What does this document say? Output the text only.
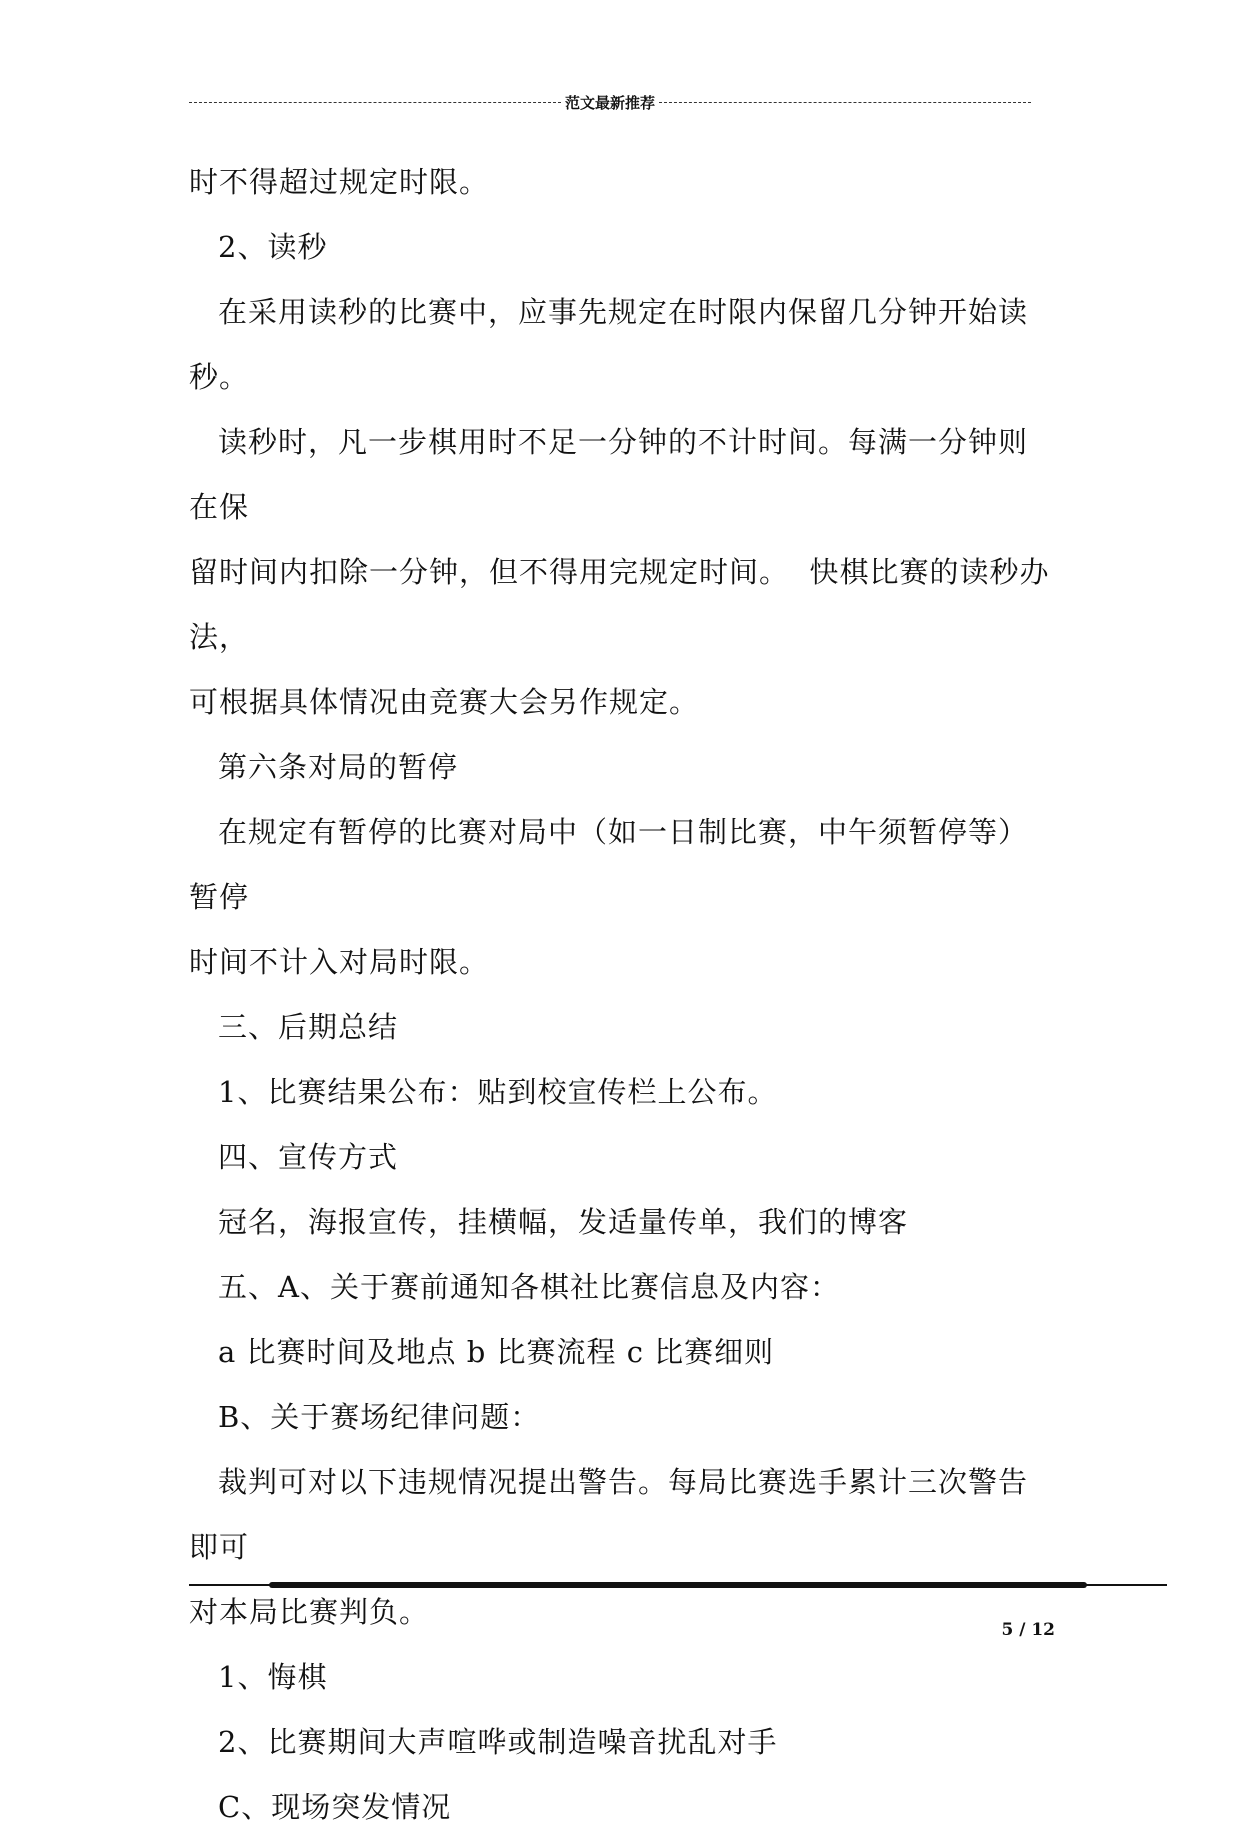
范文最新推荐

时不得超过规定时限。

2、读秒

在采用读秒的比赛中，应事先规定在时限内保留几分钟开始读秒。

读秒时，凡一步棋用时不足一分钟的不计时间。每满一分钟则在保

留时间内扣除一分钟，但不得用完规定时间。  快棋比赛的读秒办法，

可根据具体情况由竞赛大会另作规定。

第六条对局的暂停

在规定有暂停的比赛对局中（如一日制比赛，中午须暂停等）暂停

时间不计入对局时限。

三、后期总结

1、比赛结果公布：贴到校宣传栏上公布。

四、宣传方式

冠名，海报宣传，挂横幅，发适量传单，我们的博客

五、A、关于赛前通知各棋社比赛信息及内容：

a 比赛时间及地点 b 比赛流程 c 比赛细则

B、关于赛场纪律问题：

裁判可对以下违规情况提出警告。每局比赛选手累计三次警告即可

对本局比赛判负。

1、悔棋

2、比赛期间大声喧哗或制造噪音扰乱对手

C、现场突发情况

5 / 12
